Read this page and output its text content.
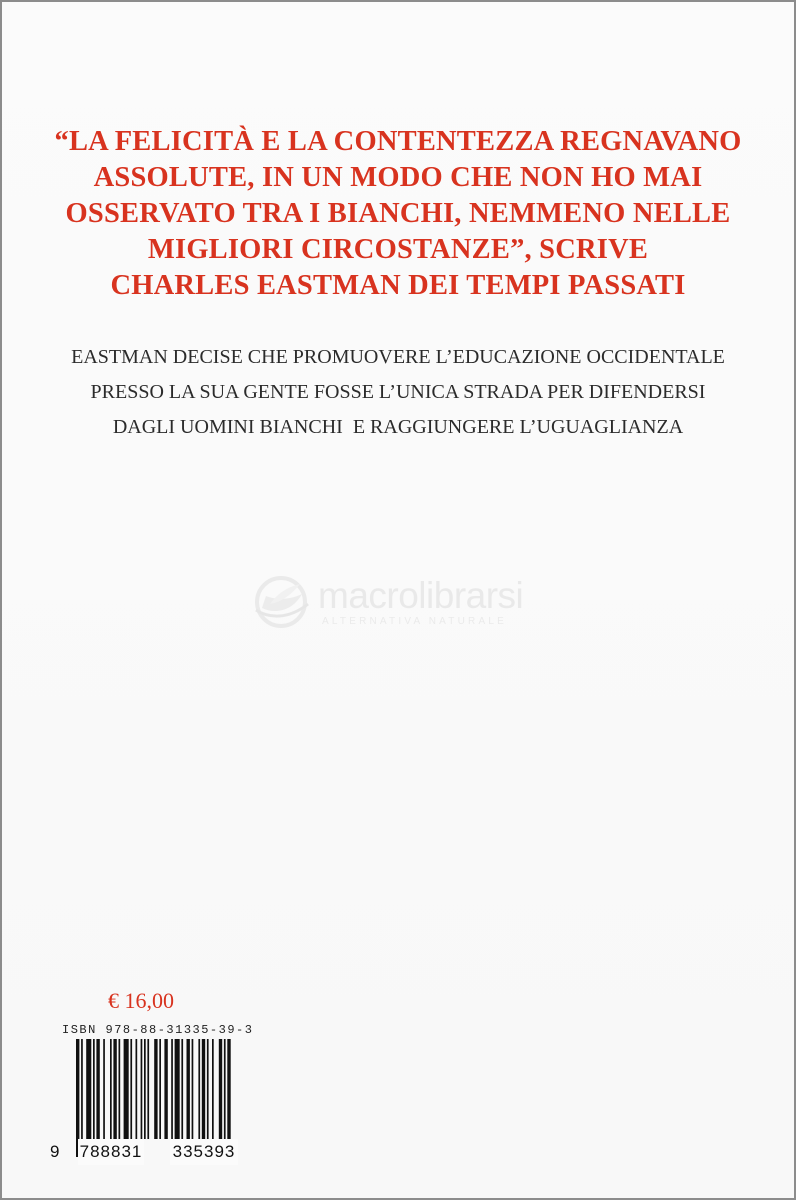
“LA FELICITÀ E LA CONTENTEZZA REGNAVANO
ASSOLUTE, IN UN MODO CHE NON HO MAI
OSSERVATO TRA I BIANCHI, NEMMENO NELLE
MIGLIORI CIRCOSTANZE”, SCRIVE
CHARLES EASTMAN DEI TEMPI PASSATI
EASTMAN DECISE CHE PROMUOVERE L’EDUCAZIONE OCCIDENTALE
PRESSO LA SUA GENTE FOSSE L’UNICA STRADA PER DIFENDERSI
DAGLI UOMINI BIANCHI  E RAGGIUNGERE L’UGUAGLIANZA
macrolibrarsi
ALTERNATIVA NATURALE
€ 16,00
ISBN 978-88-31335-39-3
9 788831 335393
